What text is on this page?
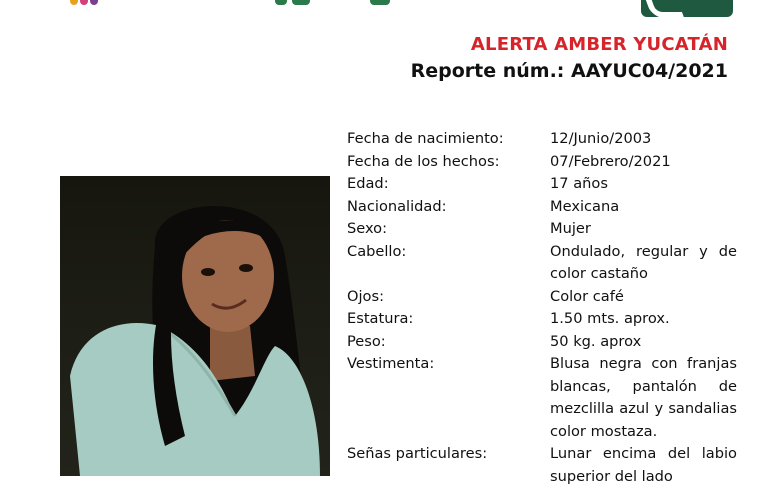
ALERTA AMBER YUCATÁN
Reporte núm.: AAYUC04/2021
Fecha de nacimiento:	12/Junio/2003
Fecha de los hechos:	07/Febrero/2021
Edad:	17 años
Nacionalidad:	Mexicana
Sexo:	Mujer
Cabello:	Ondulado, regular y de color castaño
Ojos:	Color café
Estatura:	1.50 mts. aprox.
Peso:	50 kg. aprox
Vestimenta:	Blusa negra con franjas blancas, pantalón de mezclilla azul y sandalias color mostaza.
Señas particulares:	Lunar encima del labio superior del lado
